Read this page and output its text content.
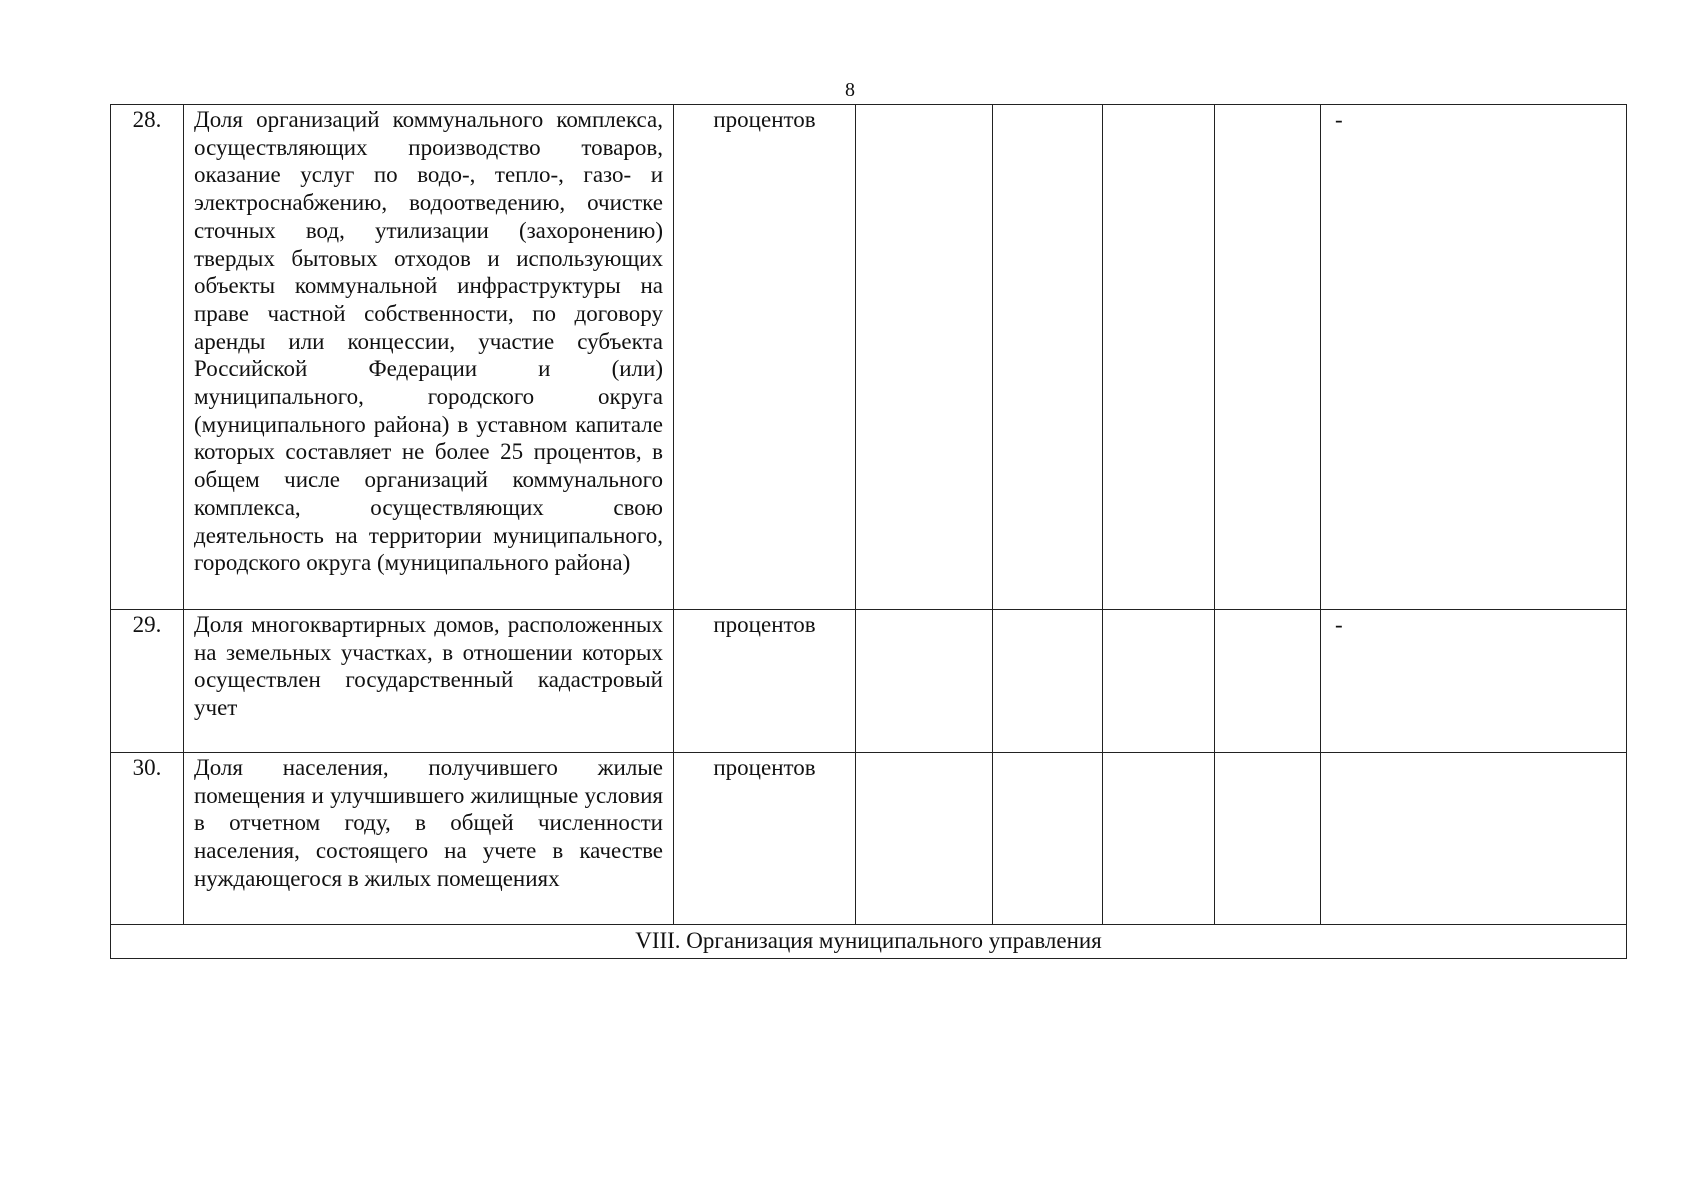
8
28.	Доля организаций коммунального комплекса, осуществляющих производство товаров, оказание услуг по водо-, тепло-, газо- и электроснабжению, водоотведению, очистке сточных вод, утилизации (захоронению) твердых бытовых отходов и использующих объекты коммунальной инфраструктуры на праве частной собственности, по договору аренды или концессии, участие субъекта Российской Федерации и (или) муниципального, городского округа (муниципального района) в уставном капитале которых составляет не более 25 процентов, в общем числе организаций коммунального комплекса, осуществляющих свою деятельность на территории муниципального, городского округа (муниципального района)	процентов					-
29.	Доля многоквартирных домов, расположенных на земельных участках, в отношении которых осуществлен государственный кадастровый учет	процентов					-
30.	Доля населения, получившего жилые помещения и улучшившего жилищные условия в отчетном году, в общей численности населения, состоящего на учете в качестве нуждающегося в жилых помещениях	процентов					
VIII. Организация муниципального управления							
